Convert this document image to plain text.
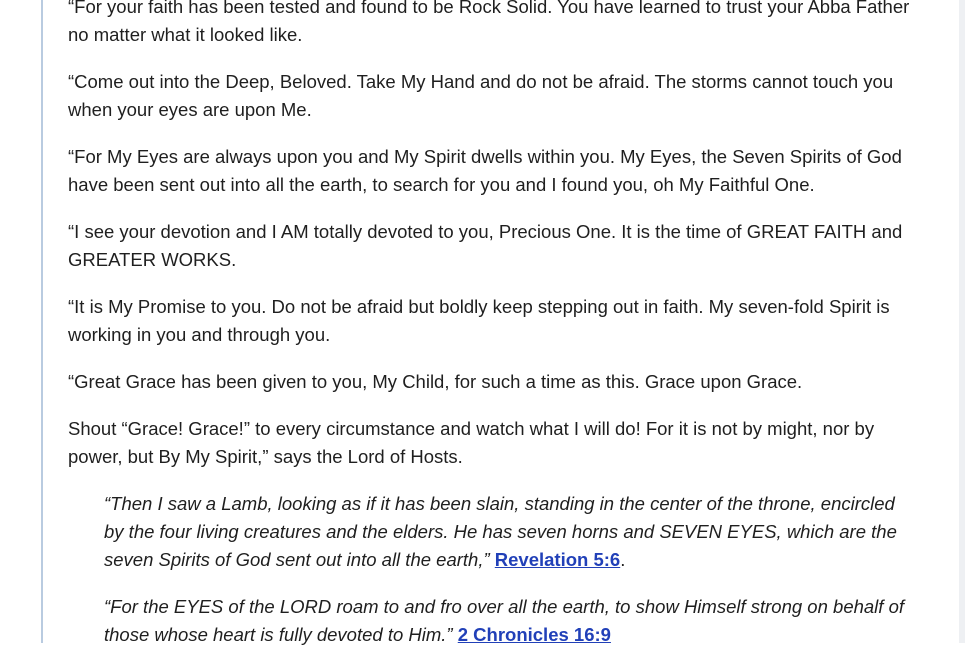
“For your faith has been tested and found to be Rock Solid. You have learned to trust your Abba Father no matter what it looked like.

“Come out into the Deep, Beloved. Take My Hand and do not be afraid. The storms cannot touch you when your eyes are upon Me.

“For My Eyes are always upon you and My Spirit dwells within you. My Eyes, the Seven Spirits of God have been sent out into all the earth, to search for you and I found you, oh My Faithful One.

“I see your devotion and I AM totally devoted to you, Precious One. It is the time of GREAT FAITH and GREATER WORKS.

“It is My Promise to you. Do not be afraid but boldly keep stepping out in faith. My seven-fold Spirit is working in you and through you.

“Great Grace has been given to you, My Child, for such a time as this. Grace upon Grace.

Shout “Grace! Grace!” to every circumstance and watch what I will do! For it is not by might, nor by power, but By My Spirit,” says the Lord of Hosts.

“Then I saw a Lamb, looking as if it has been slain, standing in the center of the throne, encircled by the four living creatures and the elders. He has seven horns and SEVEN EYES, which are the seven Spirits of God sent out into all the earth,” Revelation 5:6.
“For the EYES of the LORD roam to and fro over all the earth, to show Himself strong on behalf of those whose heart is fully devoted to Him.” 2 Chronicles 16:9
